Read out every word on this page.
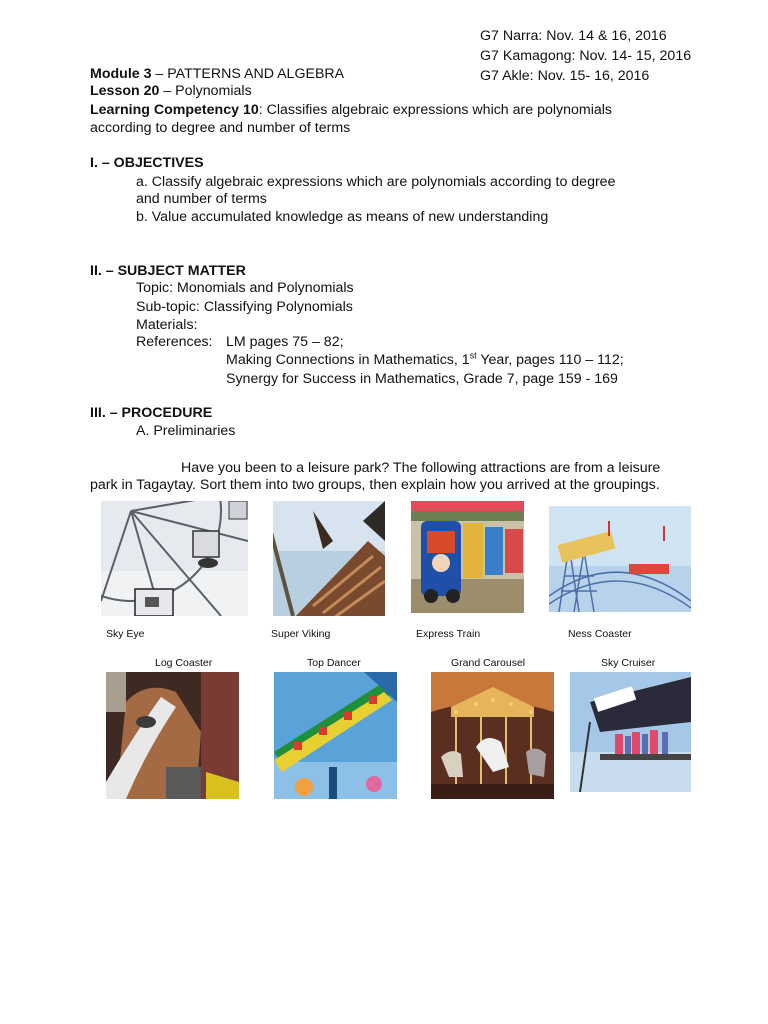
G7 Narra: Nov. 14 & 16, 2016
G7 Kamagong: Nov. 14- 15, 2016
G7 Akle: Nov. 15- 16, 2016
Module 3 – PATTERNS AND ALGEBRA
Lesson 20 – Polynomials
Learning Competency 10: Classifies algebraic expressions which are polynomials
according to degree and number of terms
I. – OBJECTIVES
a. Classify algebraic expressions which are polynomials according to degree
and number of terms
b. Value accumulated knowledge as means of new understanding
II. – SUBJECT MATTER
Topic: Monomials and Polynomials
Sub-topic: Classifying Polynomials
Materials:
References: LM pages 75 – 82;
Making Connections in Mathematics, 1st Year, pages 110 – 112;
Synergy for Success in Mathematics, Grade 7, page 159 - 169
III. – PROCEDURE
A. Preliminaries
Have you been to a leisure park? The following attractions are from a leisure
park in Tagaytay. Sort them into two groups, then explain how you arrived at the groupings.
Sky Eye	Super Viking	Express Train	Ness Coaster
Log Coaster	Top Dancer	Grand Carousel	Sky Cruiser
